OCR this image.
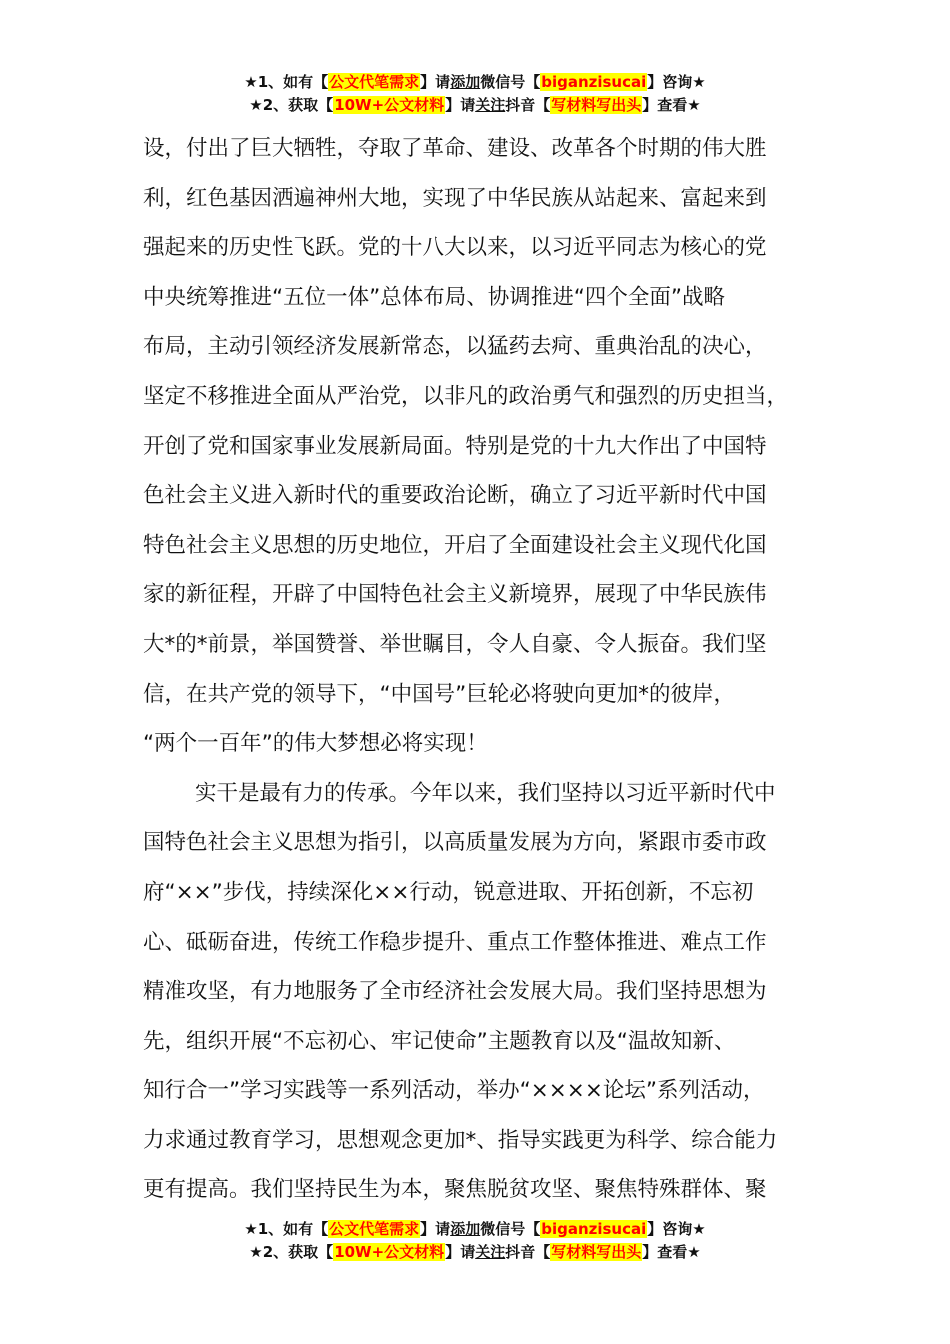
★1、如有【公文代笔需求】请添加微信号【biganzisucai】咨询★
★2、获取【10W+公文材料】请关注抖音【写材料写出头】查看★
设，付出了巨大牺牲，夺取了革命、建设、改革各个时期的伟大胜
利，红色基因洒遍神州大地，实现了中华民族从站起来、富起来到
强起来的历史性飞跃。党的十八大以来，以习近平同志为核心的党
中央统筹推进“五位一体”总体布局、协调推进“四个全面”战略
布局，主动引领经济发展新常态，以猛药去疴、重典治乱的决心，
坚定不移推进全面从严治党，以非凡的政治勇气和强烈的历史担当，
开创了党和国家事业发展新局面。特别是党的十九大作出了中国特
色社会主义进入新时代的重要政治论断，确立了习近平新时代中国
特色社会主义思想的历史地位，开启了全面建设社会主义现代化国
家的新征程，开辟了中国特色社会主义新境界，展现了中华民族伟
大*的*前景，举国赞誉、举世瞩目，令人自豪、令人振奋。我们坚
信，在共产党的领导下，“中国号”巨轮必将驶向更加*的彼岸，
“两个一百年”的伟大梦想必将实现！
实干是最有力的传承。今年以来，我们坚持以习近平新时代中
国特色社会主义思想为指引，以高质量发展为方向，紧跟市委市政
府“××”步伐，持续深化××行动，锐意进取、开拓创新，不忘初
心、砥砺奋进，传统工作稳步提升、重点工作整体推进、难点工作
精准攻坚，有力地服务了全市经济社会发展大局。我们坚持思想为
先，组织开展“不忘初心、牢记使命”主题教育以及“温故知新、
知行合一”学习实践等一系列活动，举办“××××论坛”系列活动，
力求通过教育学习，思想观念更加*、指导实践更为科学、综合能力
更有提高。我们坚持民生为本，聚焦脱贫攻坚、聚焦特殊群体、聚
★1、如有【公文代笔需求】请添加微信号【biganzisucai】咨询★
★2、获取【10W+公文材料】请关注抖音【写材料写出头】查看★
